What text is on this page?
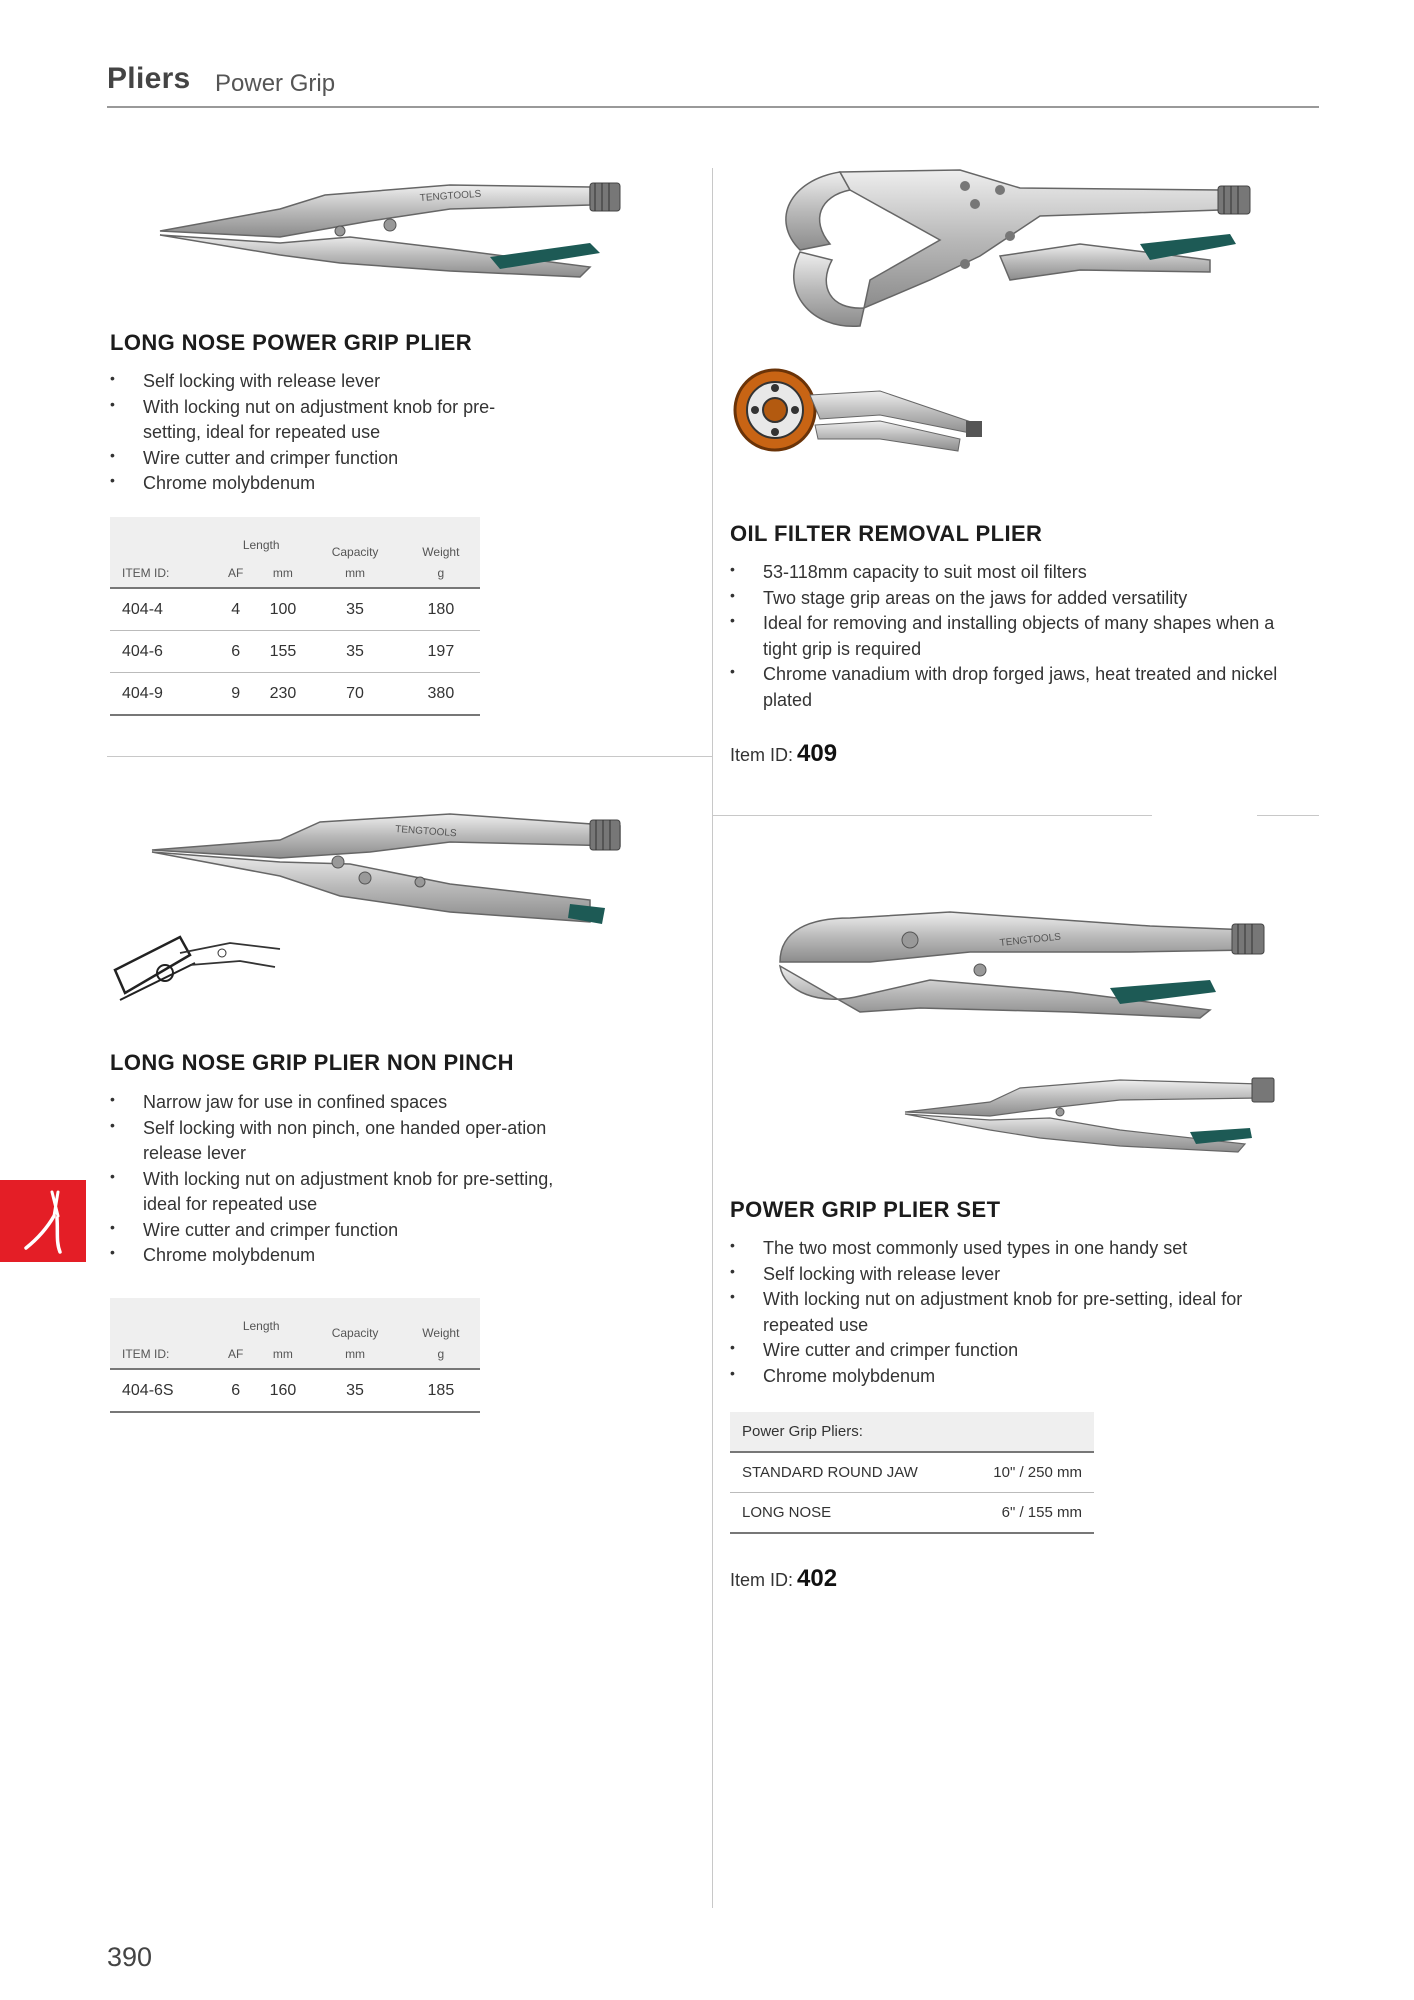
Pliers Power Grip
TENGTOOLS
LONG NOSE POWER GRIP PLIER
• Self locking with release lever
• With locking nut on adjustment knob for pre-setting, ideal for repeated use
• Wire cutter and crimper function
• Chrome molybdenum
	Length		Capacity	Weight
ITEM ID:	AF	mm	mm	g
404-4	4	100	35	180
404-6	6	155	35	197
404-9	9	230	70	380
TENGTOOLS
LONG NOSE GRIP PLIER NON PINCH
• Narrow jaw for use in confined spaces
• Self locking with non pinch, one handed oper-ation release lever
• With locking nut on adjustment knob for pre-setting, ideal for repeated use
• Wire cutter and crimper function
• Chrome molybdenum
	Length		Capacity	Weight
ITEM ID:	AF	mm	mm	g
404-6S	6	160	35	185
OIL FILTER REMOVAL PLIER
• 53-118mm capacity to suit most oil filters
• Two stage grip areas on the jaws for added versatility
• Ideal for removing and installing objects of many shapes when a tight grip is required
• Chrome vanadium with drop forged jaws, heat treated and nickel plated
Item ID: 409
TENGTOOLS
POWER GRIP PLIER SET
• The two most commonly used types in one handy set
• Self locking with release lever
• With locking nut on adjustment knob for pre-setting, ideal for repeated use
• Wire cutter and crimper function
• Chrome molybdenum
Power Grip Pliers:	
STANDARD ROUND JAW	10" / 250 mm
LONG NOSE	6" / 155 mm
Item ID: 402
390
